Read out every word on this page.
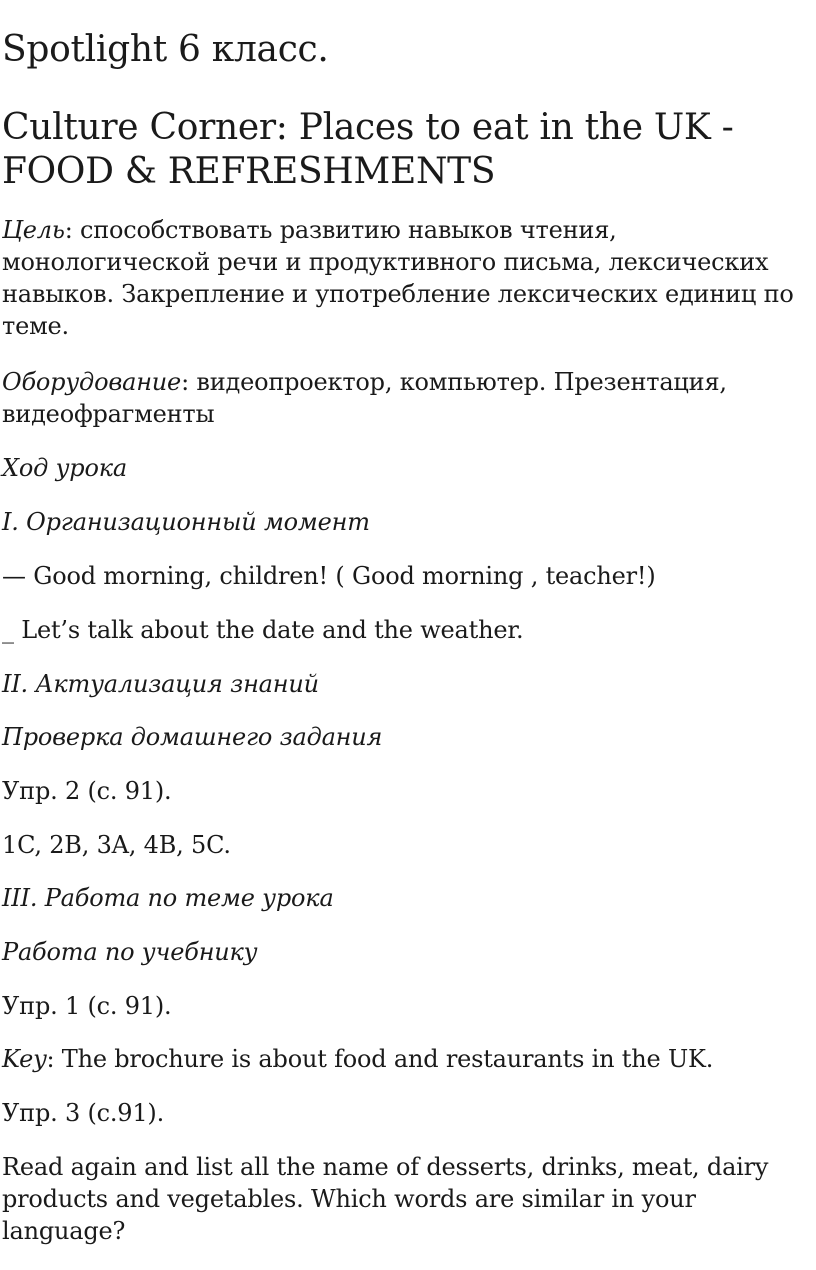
Spotlight 6 класс.
Culture Corner: Places to eat in the UK - FOOD & REFRESHMENTS

Цель: способствовать развитию навыков чтения, монологической речи и продуктивного письма, лексических навыков. Закрепление и употребление лексических единиц по теме.

Оборудование: видеопроектор, компьютер. Презентация, видеофрагменты

Ход урока

I. Организационный момент

— Good morning, children! ( Good morning , teacher!)

_ Let’s talk about the date and the weather.

II. Актуализация знаний

Проверка домашнего задания

Упр. 2 (с. 91).

1C, 2B, 3A, 4B, 5C.

III. Работа по теме урока

Работа по учебнику

Упр. 1 (с. 91).

Key: The brochure is about food and restaurants in the UK.

Упр. 3 (с.91).

Read again and list all the name of desserts, drinks, meat, dairy products and vegetables. Which words are similar in your language?
